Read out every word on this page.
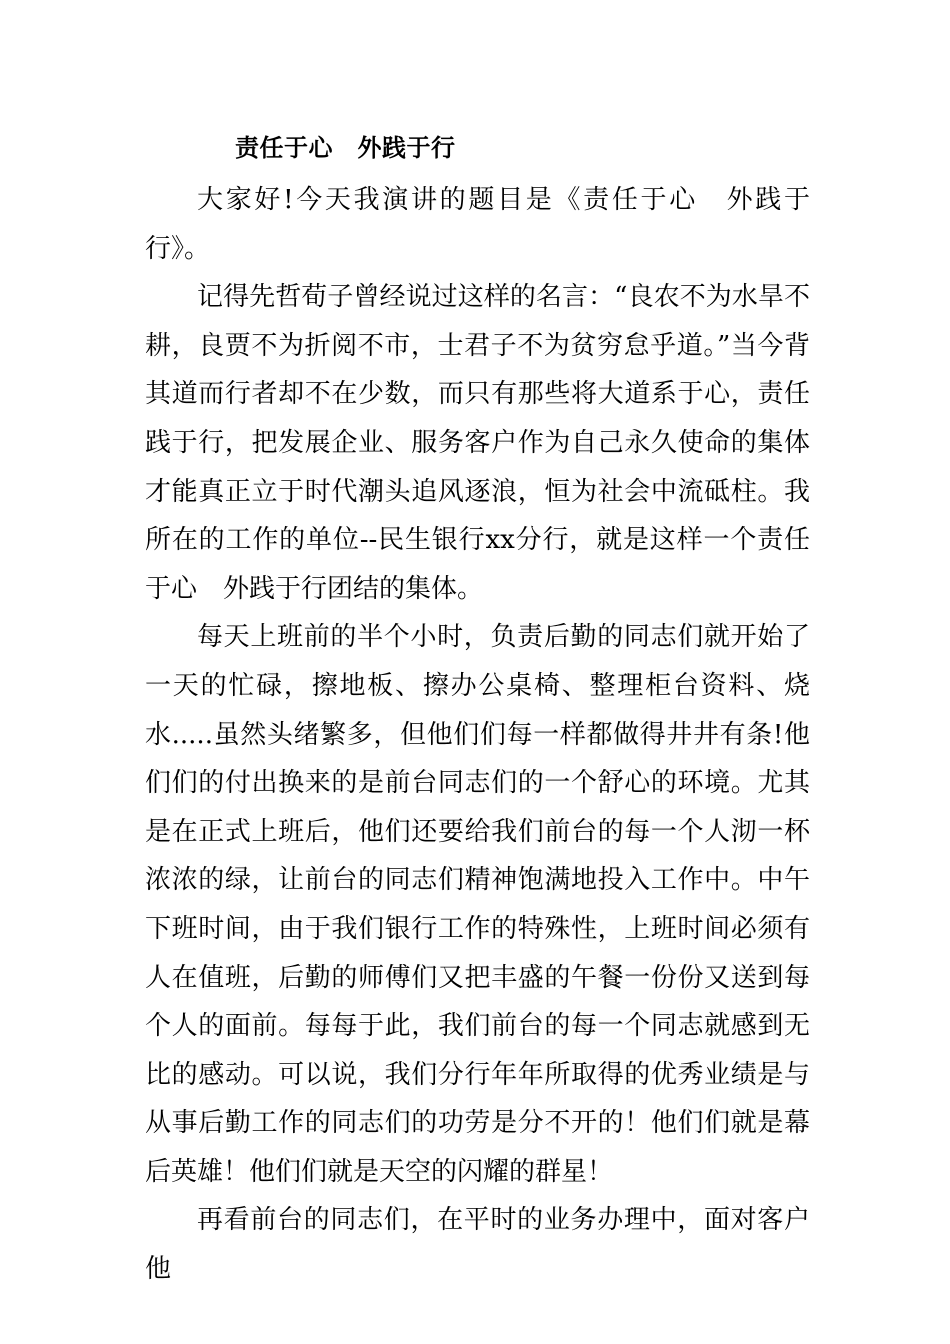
责任于心　外践于行

大家好!今天我演讲的题目是《责任于心　外践于行》。

记得先哲荀子曾经说过这样的名言：“良农不为水旱不耕，良贾不为折阅不市，士君子不为贫穷怠乎道。”当今背其道而行者却不在少数，而只有那些将大道系于心，责任践于行，把发展企业、服务客户作为自己永久使命的集体才能真正立于时代潮头追风逐浪，恒为社会中流砥柱。我所在的工作的单位--民生银行xx分行，就是这样一个责任于心　外践于行团结的集体。

每天上班前的半个小时，负责后勤的同志们就开始了一天的忙碌，擦地板、擦办公桌椅、整理柜台资料、烧水.....虽然头绪繁多，但他们们每一样都做得井井有条!他们们的付出换来的是前台同志们的一个舒心的环境。尤其是在正式上班后，他们还要给我们前台的每一个人沏一杯浓浓的绿，让前台的同志们精神饱满地投入工作中。中午下班时间，由于我们银行工作的特殊性，上班时间必须有人在值班，后勤的师傅们又把丰盛的午餐一份份又送到每个人的面前。每每于此，我们前台的每一个同志就感到无比的感动。可以说，我们分行年年所取得的优秀业绩是与从事后勤工作的同志们的功劳是分不开的！他们们就是幕后英雄！他们们就是天空的闪耀的群星！

再看前台的同志们，在平时的业务办理中，面对客户他
